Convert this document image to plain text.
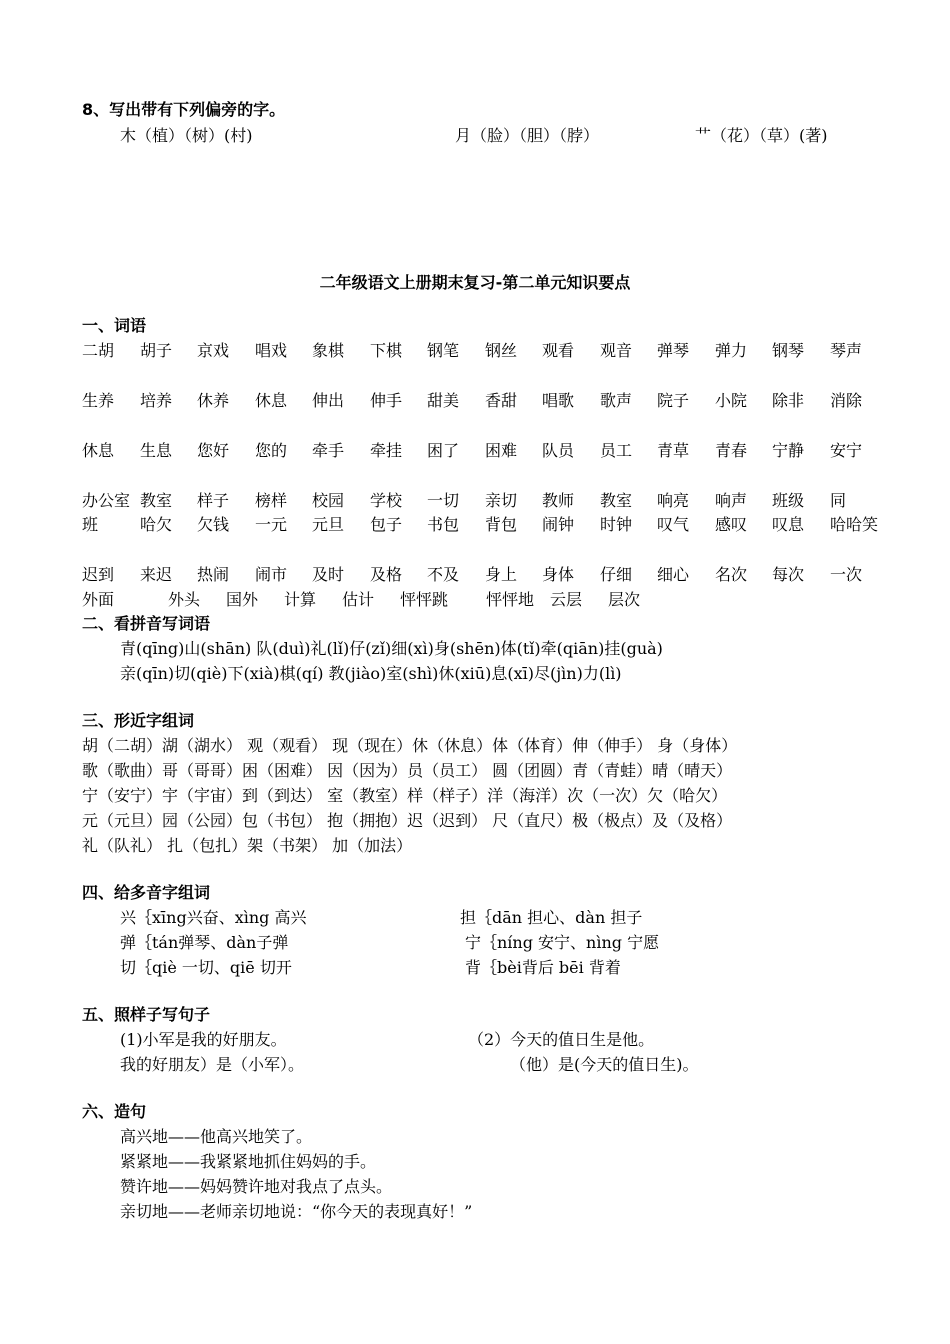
8、写出带有下列偏旁的字。
木（植）（树）(村)	月（脸）（胆）（脖）	艹（花）（草）(著)
二年级语文上册期末复习-第二单元知识要点
一、词语
二胡 胡子 京戏 唱戏 象棋 下棋 钢笔 钢丝 观看 观音 弹琴 弹力 钢琴 琴声
生养 培养 休养 休息 伸出 伸手 甜美 香甜 唱歌 歌声 院子 小院 除非 消除
休息 生息 您好 您的 牵手 牵挂 困了 困难 队员 员工 青草 青春 宁静 安宁
办公室 教室 样子 榜样 校园 学校 一切 亲切 教师 教室 响亮 响声 班级 同
班	哈欠 欠钱 一元 元旦 包子 书包 背包 闹钟 时钟 叹气 感叹 叹息 哈哈笑
迟到 来迟 热闹 闹市 及时 及格 不及 身上 身体 仔细 细心 名次 每次 一次
外面	外头 国外 计算 估计 怦怦跳 怦怦地 云层 层次
二、看拼音写词语
青(qīng)山(shān) 队(duì)礼(lǐ)仔(zǐ)细(xì)身(shēn)体(tǐ)牵(qiān)挂(guà)
亲(qīn)切(qiè)下(xià)棋(qí) 教(jiào)室(shì)休(xiū)息(xī)尽(jìn)力(lì)
三、形近字组词
胡（二胡）湖（湖水） 观（观看） 现（现在）休（休息）体（体育）伸（伸手） 身（身体）
歌（歌曲）哥（哥哥）困（困难） 因（因为）员（员工） 圆（团圆）青（青蛙）晴（晴天）
宁（安宁）宇（宇宙）到（到达） 室（教室）样（样子）洋（海洋）次（一次）欠（哈欠）
元（元旦）园（公园）包（书包） 抱（拥抱）迟（迟到） 尺（直尺）极（极点）及（及格）
礼（队礼） 扎（包扎）架（书架） 加（加法）
四、给多音字组词
兴｛xīng兴奋、xìng 高兴	担｛dān 担心、dàn 担子
弹｛tán弹琴、dàn子弹	宁｛níng 安宁、nìng 宁愿
切｛qiè 一切、qiē 切开	背｛bèi背后 bēi 背着
五、照样子写句子
(1)小军是我的好朋友。	（2）今天的值日生是他。
我的好朋友）是（小军）。	（他）是(今天的值日生)。
六、造句
高兴地——他高兴地笑了。
紧紧地——我紧紧地抓住妈妈的手。
赞许地——妈妈赞许地对我点了点头。
亲切地——老师亲切地说：“你今天的表现真好！”
